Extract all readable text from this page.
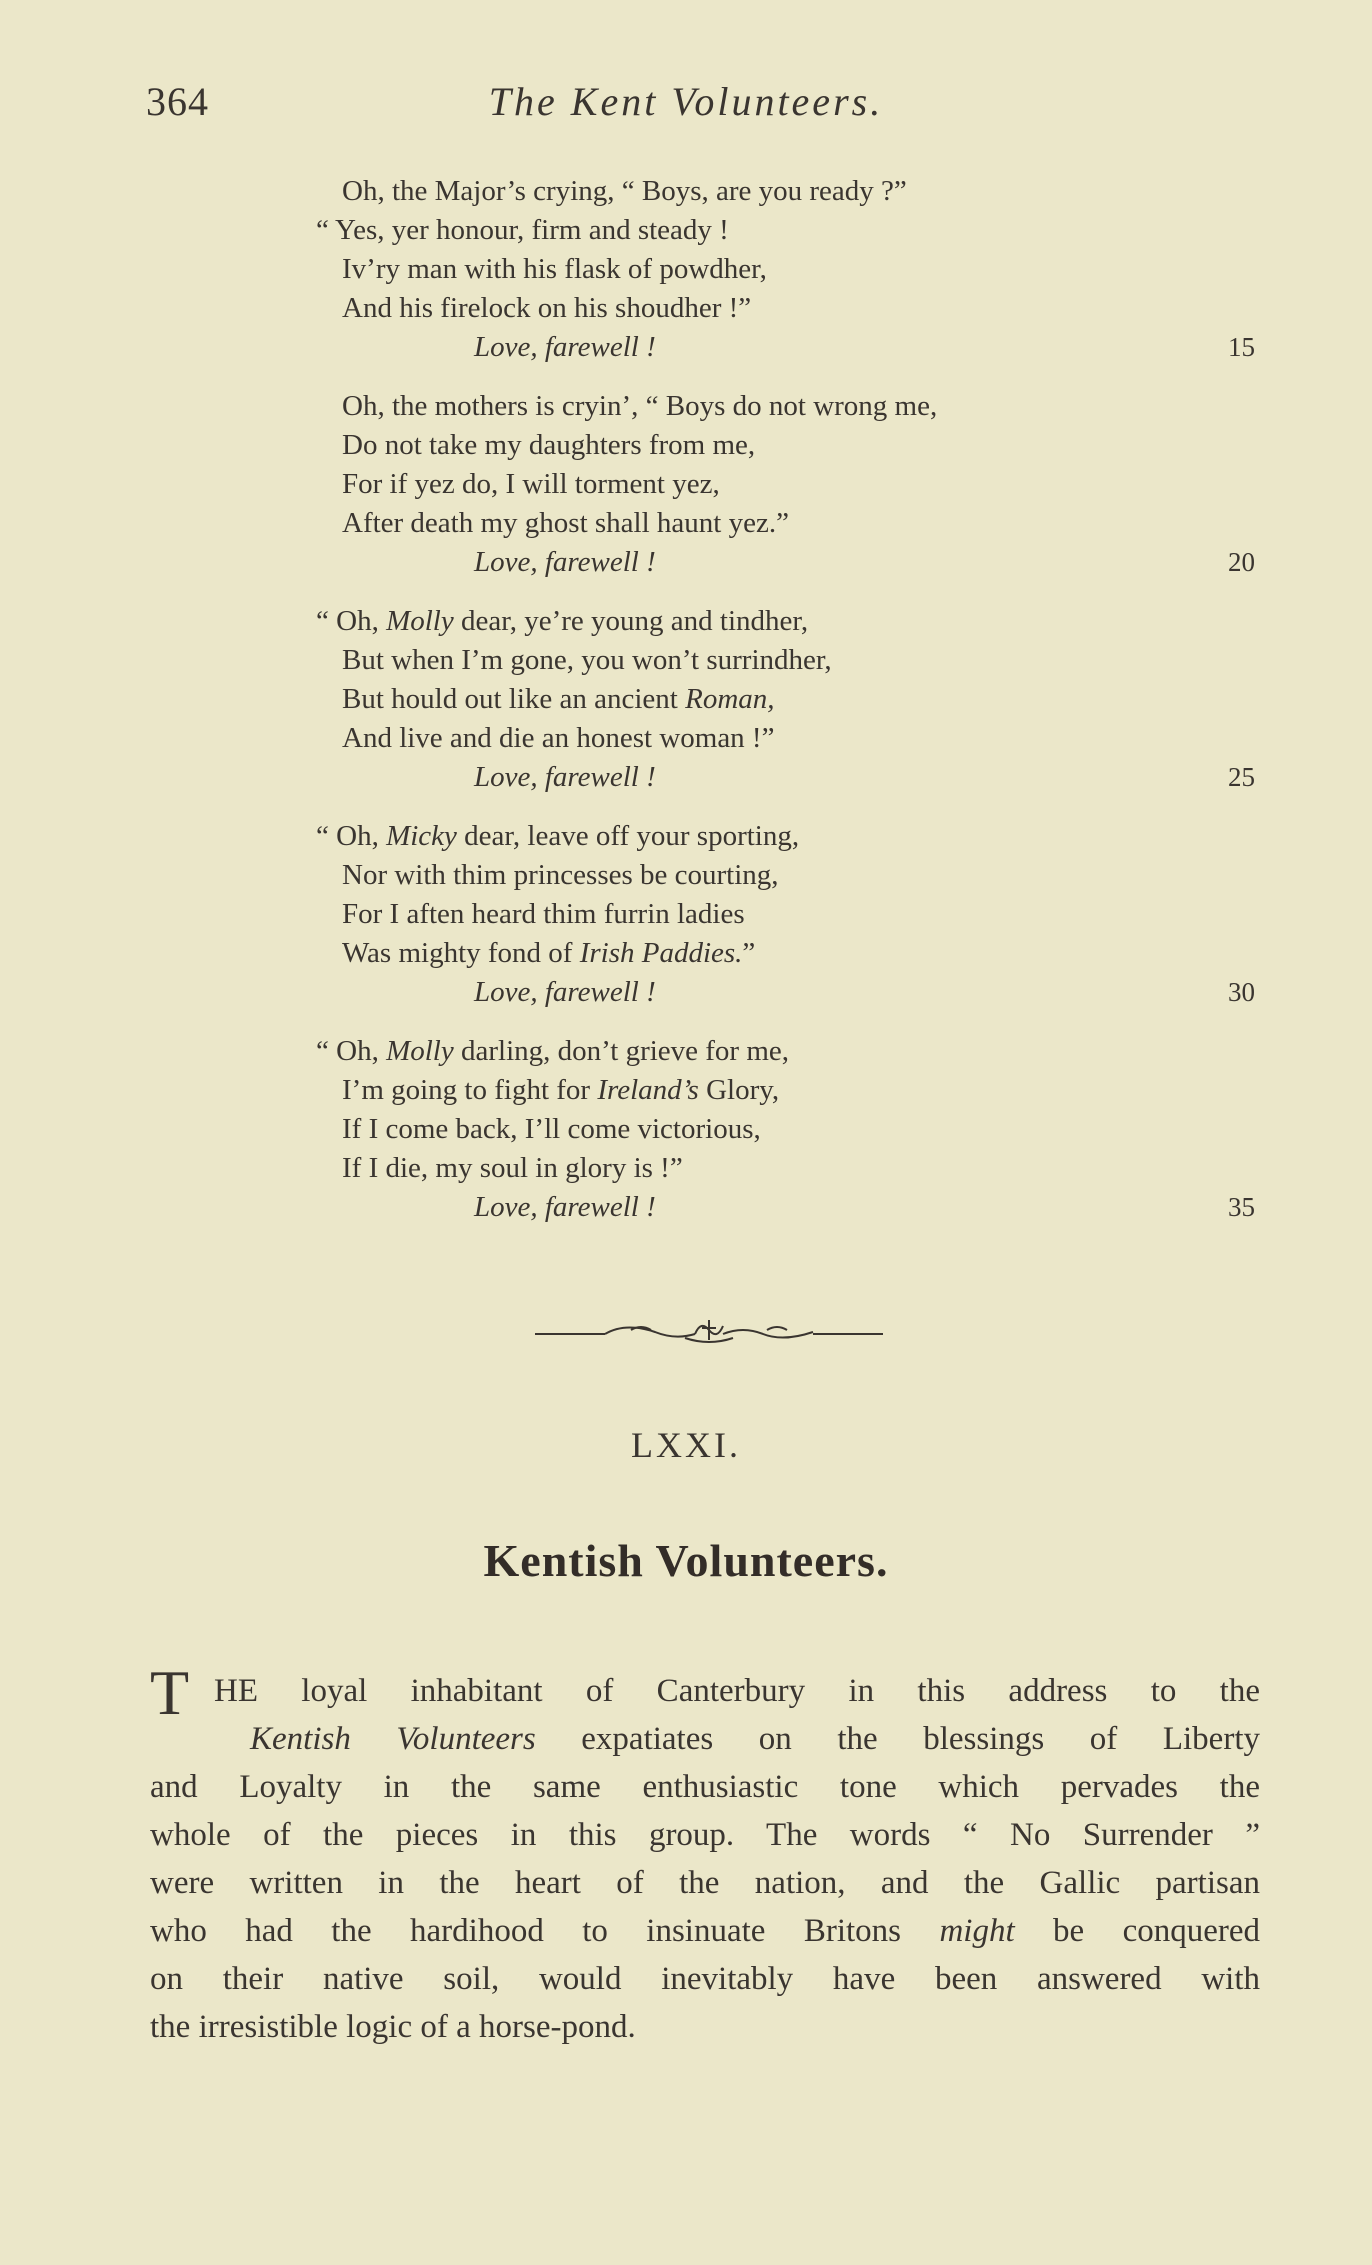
364	The Kent Volunteers.
Oh, the Major’s crying, “ Boys, are you ready ?”
“ Yes, yer honour, firm and steady !
Iv’ry man with his flask of powdher,
And his firelock on his shoudher !”
Love, farewell !	15
Oh, the mothers is cryin’, “ Boys do not wrong me,
Do not take my daughters from me,
For if yez do, I will torment yez,
After death my ghost shall haunt yez.”
Love, farewell !	20
“ Oh, Molly dear, ye’re young and tindher,
But when I’m gone, you won’t surrindher,
But hould out like an ancient Roman,
And live and die an honest woman !”
Love, farewell !	25
“ Oh, Micky dear, leave off your sporting,
Nor with thim princesses be courting,
For I aften heard thim furrin ladies
Was mighty fond of Irish Paddies.”
Love, farewell !	30
“ Oh, Molly darling, don’t grieve for me,
I’m going to fight for Ireland’s Glory,
If I come back, I’ll come victorious,
If I die, my soul in glory is !”
Love, farewell !	35
LXXI.
Kentish Volunteers.
T HE loyal inhabitant of Canterbury in this address to the
Kentish Volunteers expatiates on the blessings of Liberty
and Loyalty in the same enthusiastic tone which pervades the
whole of the pieces in this group. The words “ No Surrender ”
were written in the heart of the nation, and the Gallic partisan
who had the hardihood to insinuate Britons might be conquered
on their native soil, would inevitably have been answered with
the irresistible logic of a horse-pond.
